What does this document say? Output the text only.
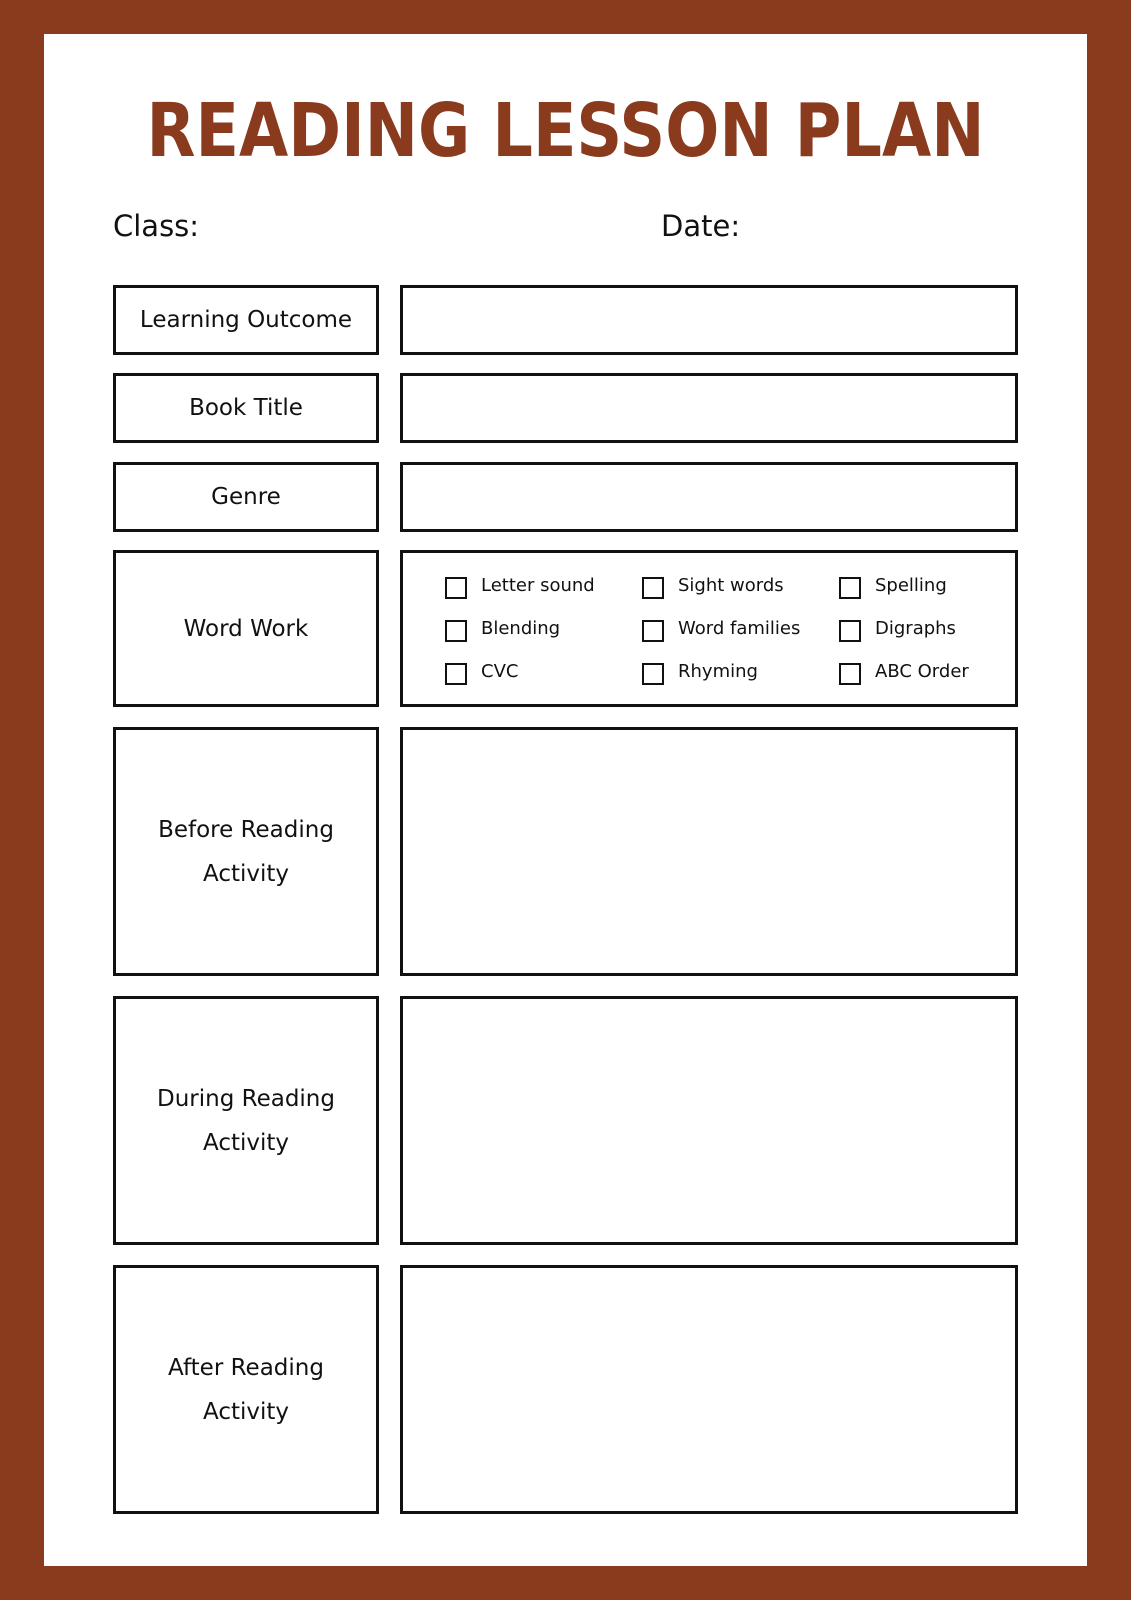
READING LESSON PLAN
Class:	Date:
Learning Outcome
Book Title
Genre
Word Work
Letter sound
Blending
CVC
Sight words
Word families
Rhyming
Spelling
Digraphs
ABC Order
Before Reading
Activity
During Reading
Activity
After Reading
Activity
